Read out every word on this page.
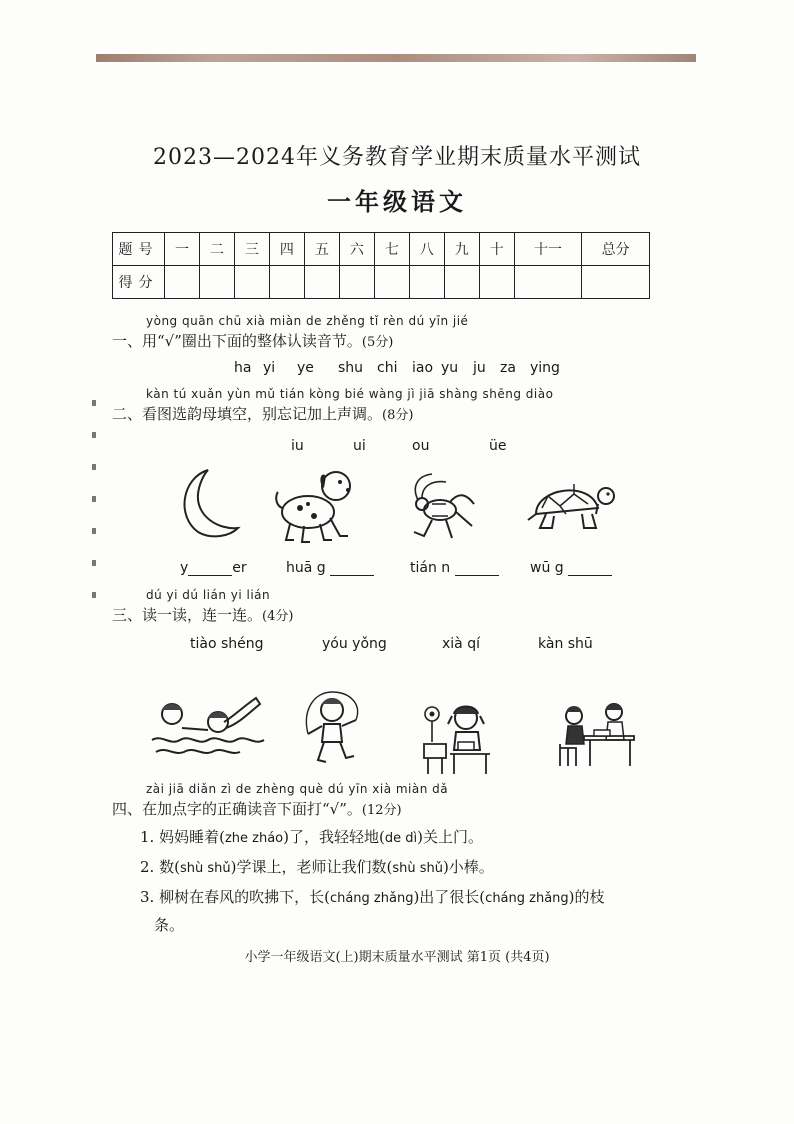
2023—2024年义务教育学业期末质量水平测试
一年级语文
题号	一	二	三	四	五	六	七	八	九	十	十一	总分
得分												
yòng quān chū xià miàn de zhěng tǐ rèn dú yīn jié
一、用“√”圈出下面的整体认读音节。(5分)
ha yi ye shu chi iao yu ju za ying
kàn tú xuǎn yùn mǔ tián kòng bié wàng jì jiā shàng shēng diào
二、看图选韵母填空，别忘记加上声调。(8分)
iu	ui	ou	üe
y	er	huā g	tián n	wū g
dú yi dú lián yi lián
三、读一读，连一连。(4分)
tiào shéng	yóu yǒng	xià qí	kàn shū
zài jiā diǎn zì de zhèng què dú yīn xià miàn dǎ
四、在加点字的正确读音下面打“√”。(12分)
1. 妈妈睡着(zhe zháo)了，我轻轻地(de dì)关上门。
2. 数(shù shǔ)学课上，老师让我们数(shù shǔ)小棒。
3. 柳树在春风的吹拂下，长(cháng zhǎng)出了很长(cháng zhǎng)的枝
条。
小学一年级语文(上)期末质量水平测试 第1页 (共4页)
